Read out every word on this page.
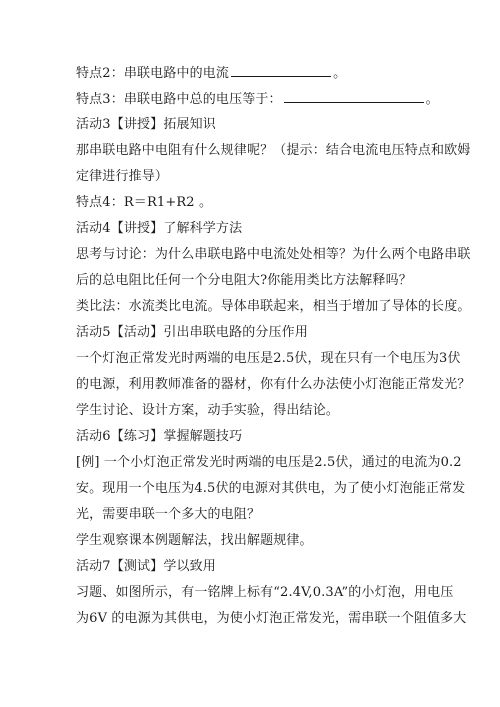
特点2：串联电路中的电流	。
特点3：串联电路中总的电压等于：	。
活动3【讲授】拓展知识
那串联电路中电阻有什么规律呢？（提示：结合电流电压特点和欧姆
定律进行推导）
特点4：R＝R1+R2 。
活动4【讲授】了解科学方法
思考与讨论：为什么串联电路中电流处处相等？为什么两个电路串联
后的总电阻比任何一个分电阻大?你能用类比方法解释吗？
类比法：水流类比电流。导体串联起来，相当于增加了导体的长度。
活动5【活动】引出串联电路的分压作用
一个灯泡正常发光时两端的电压是2.5伏，现在只有一个电压为3伏
的电源，利用教师准备的器材，你有什么办法使小灯泡能正常发光？
学生讨论、设计方案，动手实验，得出结论。
活动6【练习】掌握解题技巧
[例] 一个小灯泡正常发光时两端的电压是2.5伏，通过的电流为0.2
安。现用一个电压为4.5伏的电源对其供电，为了使小灯泡能正常发
光，需要串联一个多大的电阻？
学生观察课本例题解法，找出解题规律。
活动7【测试】学以致用
习题、如图所示，有一铭牌上标有“2.4V,0.3A”的小灯泡，用电压
为6V 的电源为其供电，为使小灯泡正常发光，需串联一个阻值多大
